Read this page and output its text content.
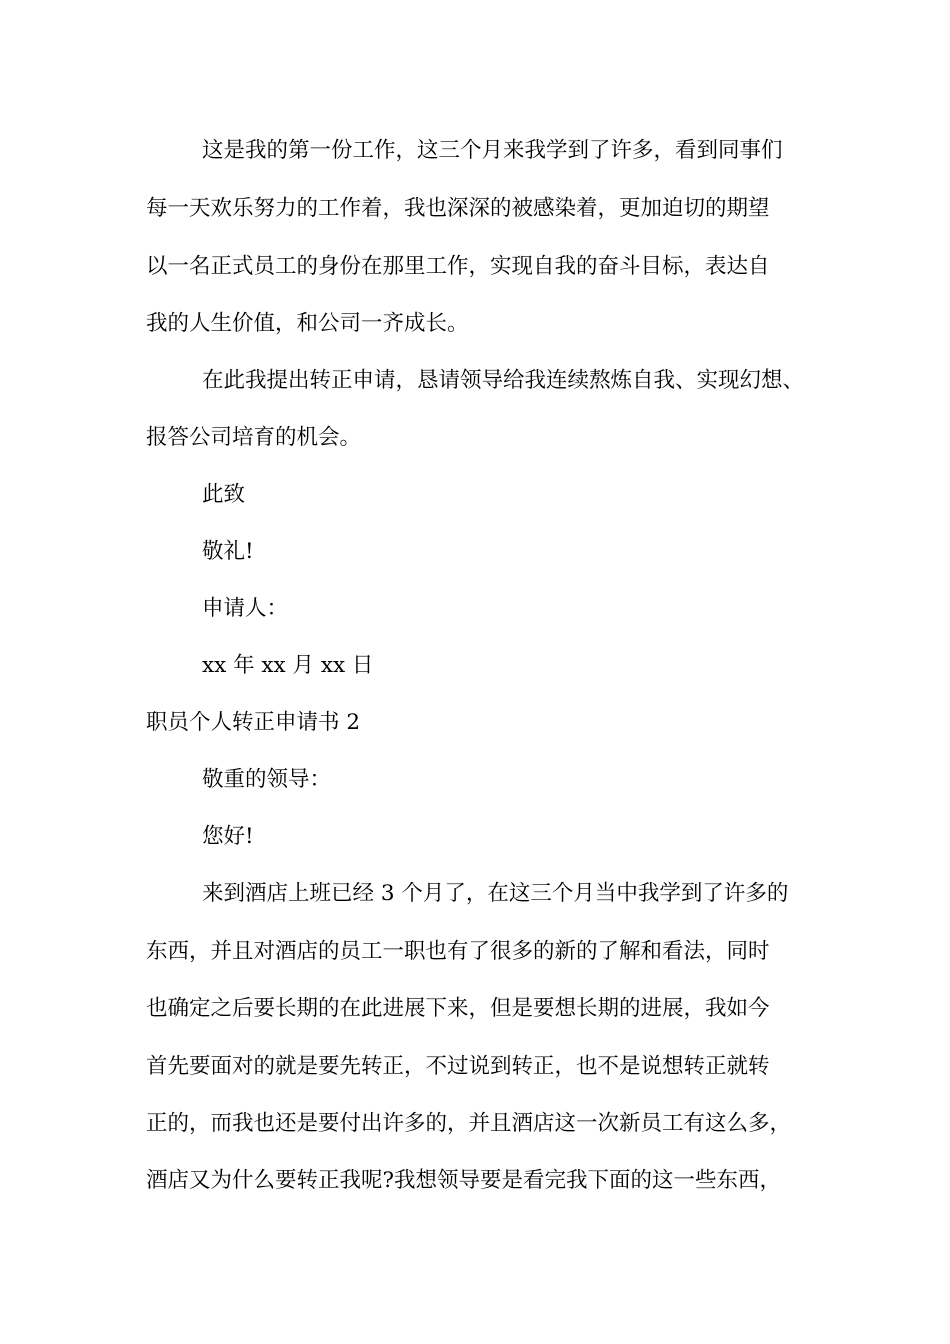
这是我的第一份工作，这三个月来我学到了许多，看到同事们
每一天欢乐努力的工作着，我也深深的被感染着，更加迫切的期望
以一名正式员工的身份在那里工作，实现自我的奋斗目标，表达自
我的人生价值，和公司一齐成长。
在此我提出转正申请，恳请领导给我连续熬炼自我、实现幻想、
报答公司培育的机会。
此致
敬礼!
申请人：
xx 年 xx 月 xx 日
职员个人转正申请书 2
敬重的领导：
您好!
来到酒店上班已经 3 个月了，在这三个月当中我学到了许多的
东西，并且对酒店的员工一职也有了很多的新的了解和看法，同时
也确定之后要长期的在此进展下来，但是要想长期的进展，我如今
首先要面对的就是要先转正，不过说到转正，也不是说想转正就转
正的，而我也还是要付出许多的，并且酒店这一次新员工有这么多，
酒店又为什么要转正我呢?我想领导要是看完我下面的这一些东西，
